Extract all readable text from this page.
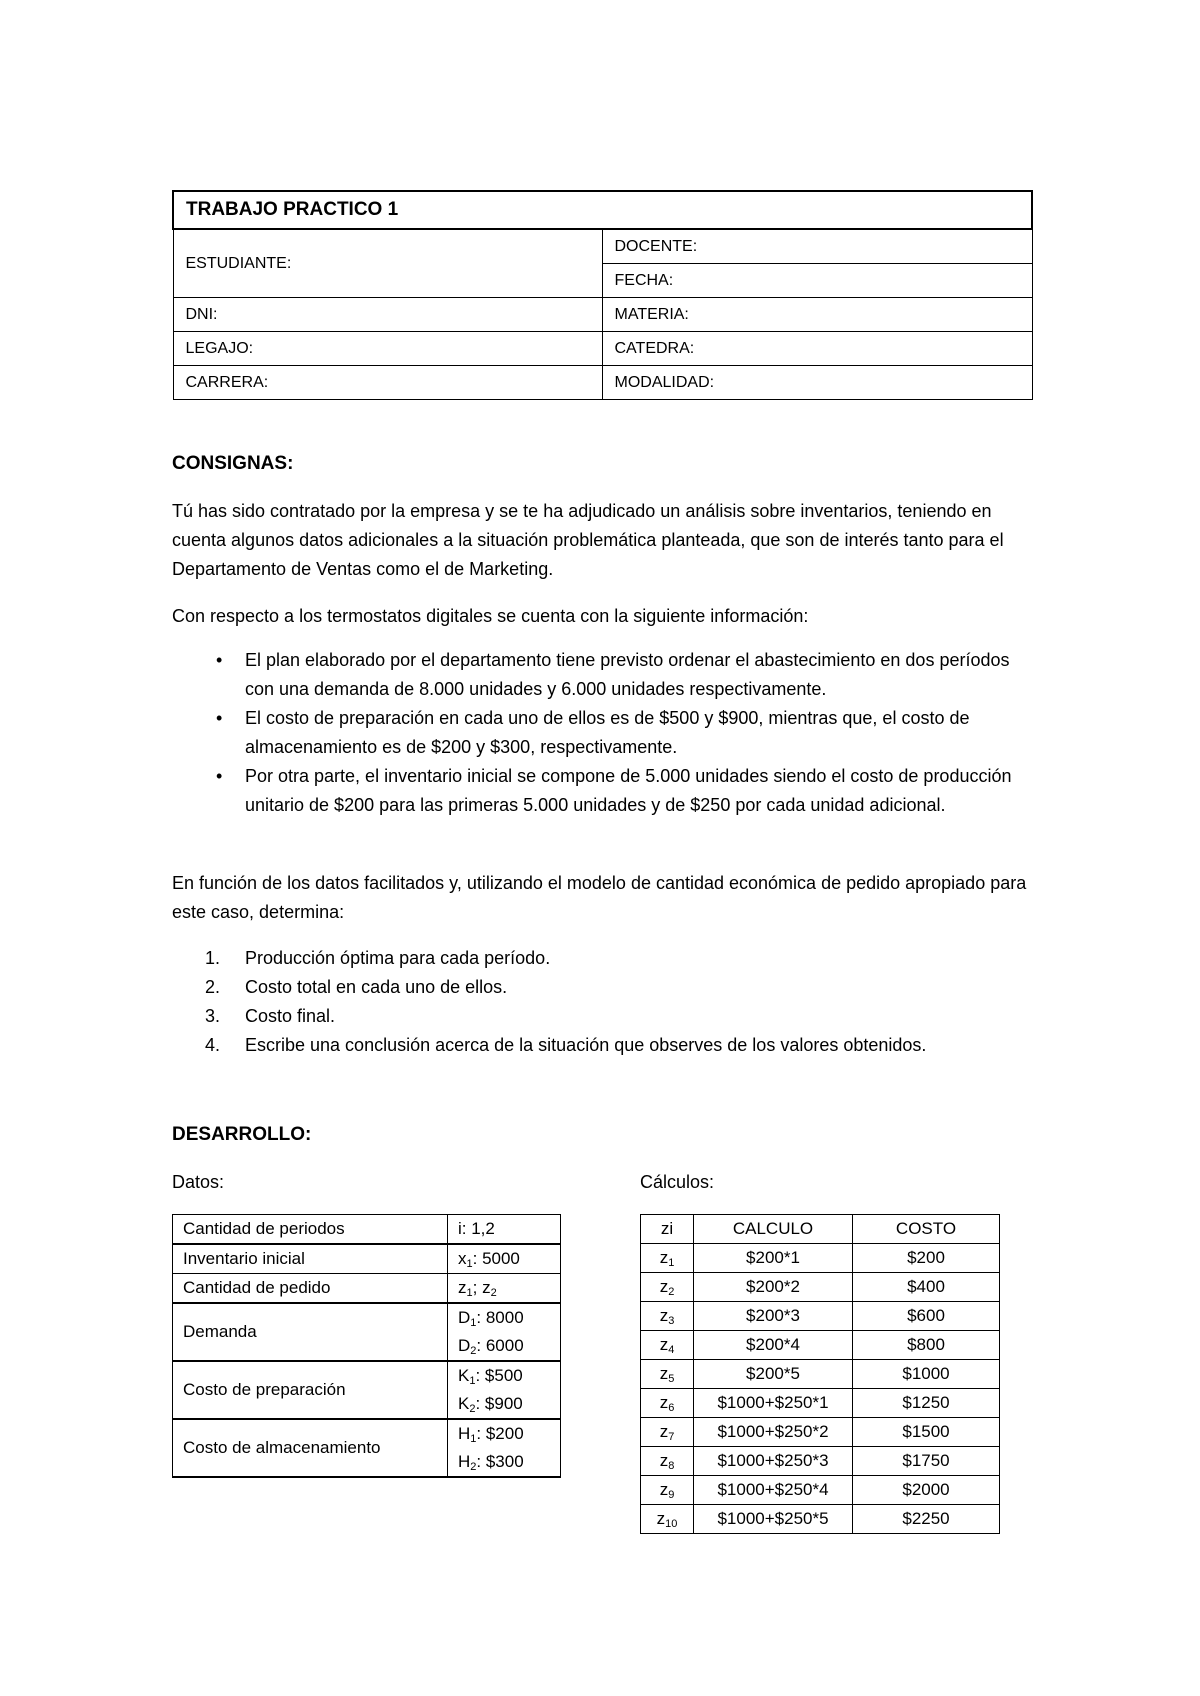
TRABAJO PRACTICO 1	
ESTUDIANTE:	DOCENTE:
	FECHA:
DNI:	MATERIA:
LEGAJO:	CATEDRA:
CARRERA:	MODALIDAD:
CONSIGNAS:

Tú has sido contratado por la empresa y se te ha adjudicado un análisis sobre inventarios, teniendo en cuenta algunos datos adicionales a la situación problemática planteada, que son de interés tanto para el Departamento de Ventas como el de Marketing.

Con respecto a los termostatos digitales se cuenta con la siguiente información:

• El plan elaborado por el departamento tiene previsto ordenar el abastecimiento en dos períodos con una demanda de 8.000 unidades y 6.000 unidades respectivamente.
• El costo de preparación en cada uno de ellos es de $500 y $900, mientras que, el costo de almacenamiento es de $200 y $300, respectivamente.
• Por otra parte, el inventario inicial se compone de 5.000 unidades siendo el costo de producción unitario de $200 para las primeras 5.000 unidades y de $250 por cada unidad adicional.

En función de los datos facilitados y, utilizando el modelo de cantidad económica de pedido apropiado para este caso, determina:

1. Producción óptima para cada período.
2. Costo total en cada uno de ellos.
3. Costo final.
4. Escribe una conclusión acerca de la situación que observes de los valores obtenidos.
DESARROLLO:
Datos:	Cálculos:
Cantidad de periodos	i: 1,2
Inventario inicial	$x_1$: 5000
Cantidad de pedido	$z_1$; $z_2$
Demanda	$D_1$: 8000
	$D_2$: 6000
Costo de preparación	$K_1$: $500
	$K_2$: $900
Costo de almacenamiento	$H_1$: $200
	$H_2$: $300
zi	CALCULO	COSTO
$z_1$	$200*1	$200
$z_2$	$200*2	$400
$z_3$	$200*3	$600
$z_4$	$200*4	$800
$z_5$	$200*5	$1000
$z_6$	$1000+$250*1	$1250
$z_7$	$1000+$250*2	$1500
$z_8$	$1000+$250*3	$1750
$z_9$	$1000+$250*4	$2000
$z_{10}$	$1000+$250*5	$2250
